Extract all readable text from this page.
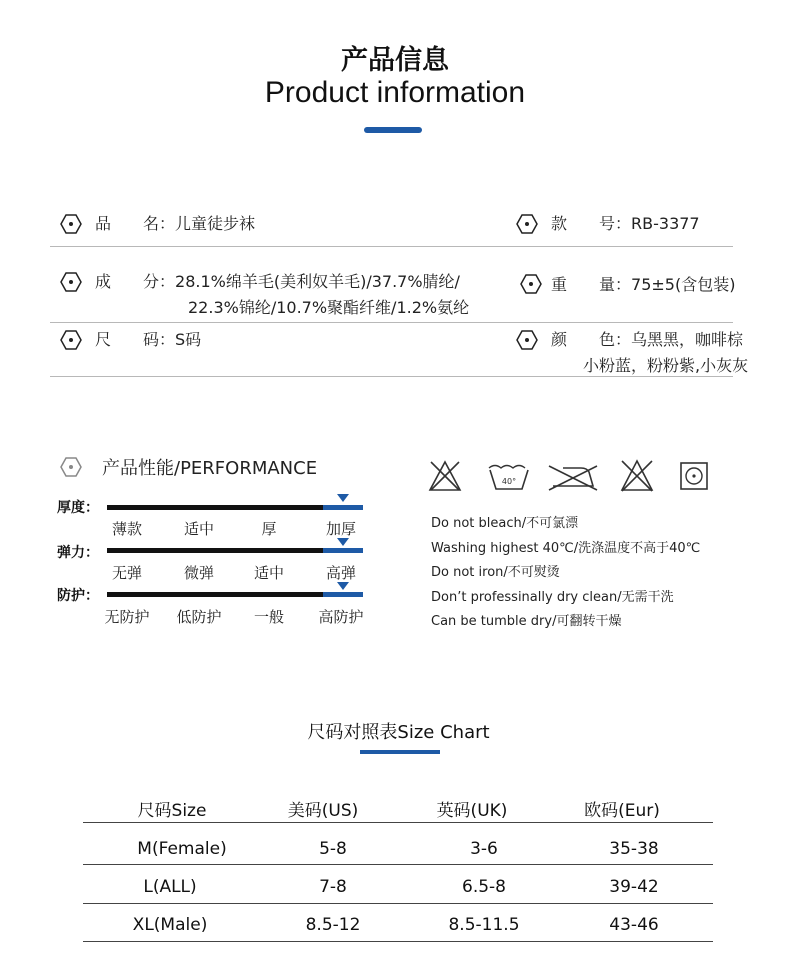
产品信息
Product information
品　　名：儿童徒步袜	款　　号：RB-3377
成　　分：28.1%绵羊毛(美利奴羊毛)/37.7%腈纶/
22.3%锦纶/10.7%聚酯纤维/1.2%氨纶
重　　量：75±5(含包装)
尺　　码：S码	颜　　色：乌黑黑，咖啡棕
小粉蓝，粉粉紫,小灰灰
产品性能/PERFORMANCE
厚度：
薄款	适中	厚	加厚
弹力：
无弹	微弹	适中	高弹
防护：
无防护	低防护	一般	高防护
40°
Do not bleach/不可氯漂
Washing highest 40℃/洗涤温度不高于40℃
Do not iron/不可熨烫
Don’t professinally dry clean/无需干洗
Can be tumble dry/可翻转干燥
尺码对照表Size Chart
尺码Size	美码(US)	英码(UK)	欧码(Eur)
M(Female)	5-8	3-6	35-38
L(ALL)	7-8	6.5-8	39-42
XL(Male)	8.5-12	8.5-11.5	43-46
